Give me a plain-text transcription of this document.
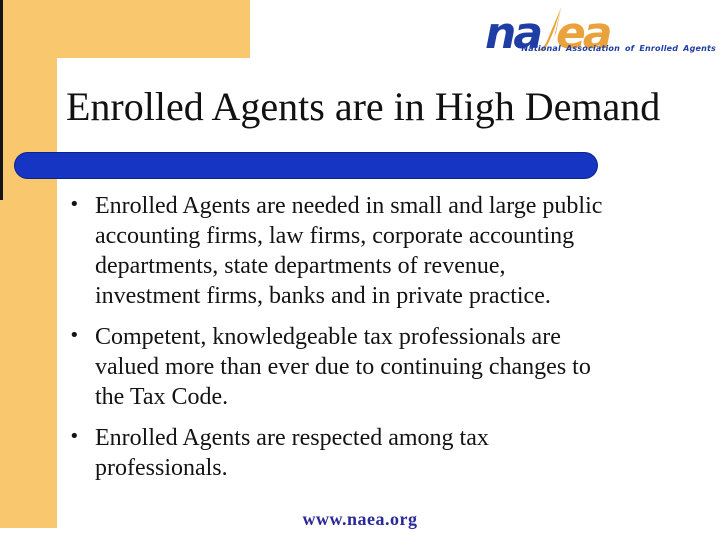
na ea
National Association of Enrolled Agents
Enrolled Agents are in High Demand
• Enrolled Agents are needed in small and large public accounting firms, law firms, corporate accounting departments, state departments of revenue, investment firms, banks and in private practice.
• Competent, knowledgeable tax professionals are valued more than ever due to continuing changes to the Tax Code.
• Enrolled Agents are respected among tax professionals.
www.naea.org
